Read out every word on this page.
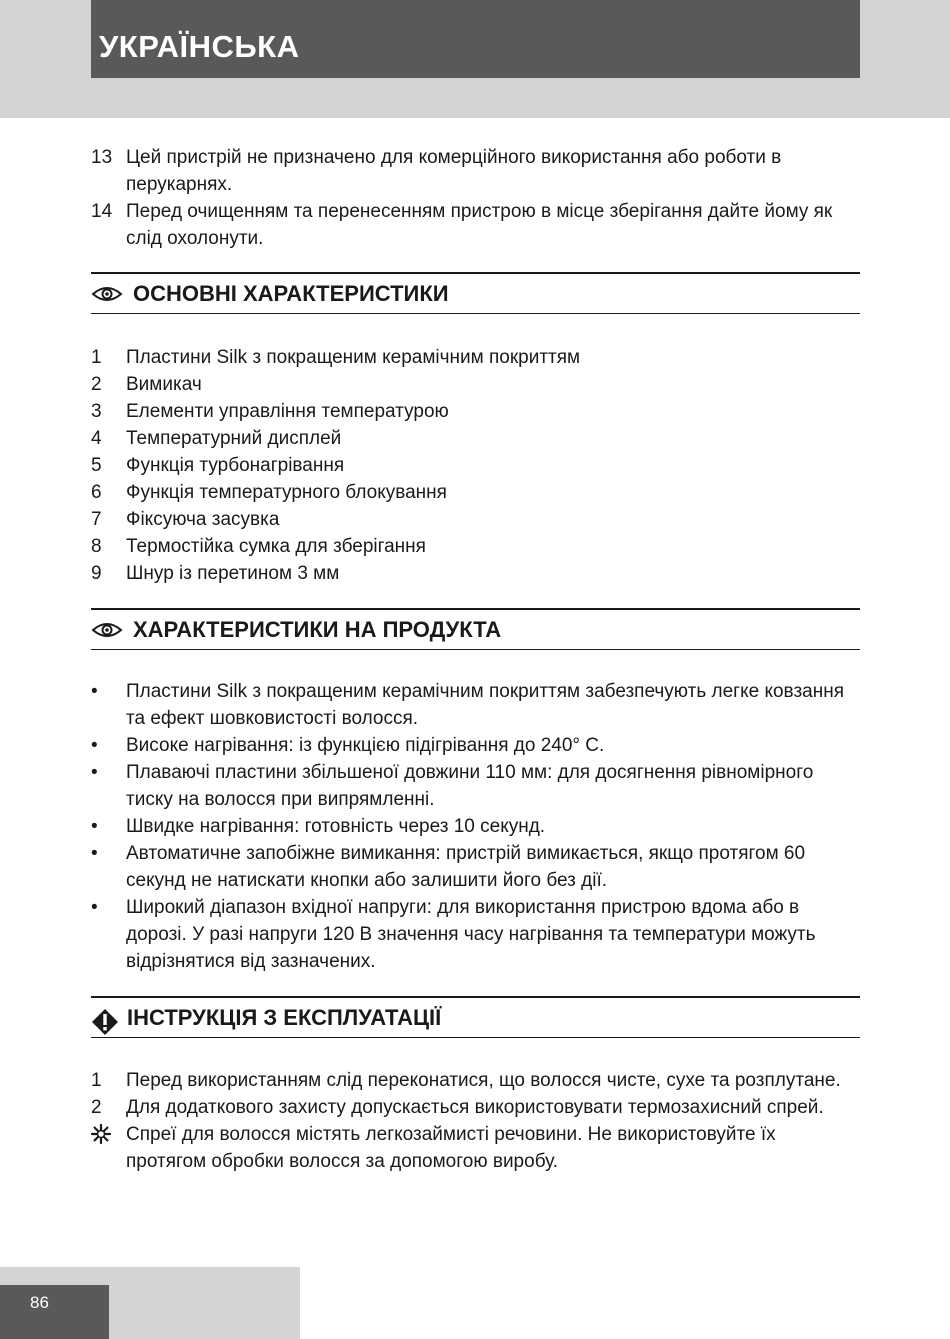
УКРАЇНСЬКА
13 Цей пристрій не призначено для комерційного використання або роботи в перукарнях.
14 Перед очищенням та перенесенням пристрою в місце зберігання дайте йому як слід охолонути.
ОСНОВНІ ХАРАКТЕРИСТИКИ
1 Пластини Silk з покращеним керамічним покриттям
2 Вимикач
3 Елементи управління температурою
4 Температурний дисплей
5 Функція турбонагрівання
6 Функція температурного блокування
7 Фіксуюча засувка
8 Термостійка сумка для зберігання
9 Шнур із перетином 3 мм
ХАРАКТЕРИСТИКИ НА ПРОДУКТА
• Пластини Silk з покращеним керамічним покриттям забезпечують легке ковзання та ефект шовковистості волосся.
• Високе нагрівання: із функцією підігрівання до 240° C.
• Плаваючі пластини збільшеної довжини 110 мм: для досягнення рівномірного тиску на волосся при випрямленні.
• Швидке нагрівання: готовність через 10 секунд.
• Автоматичне запобіжне вимикання: пристрій вимикається, якщо протягом 60 секунд не натискати кнопки або залишити його без дії.
• Широкий діапазон вхідної напруги: для використання пристрою вдома або в дорозі. У разі напруги 120 В значення часу нагрівання та температури можуть відрізнятися від зазначених.
ІНСТРУКЦІЯ З ЕКСПЛУАТАЦІЇ
1 Перед використанням слід переконатися, що волосся чисте, сухе та розплутане.
2 Для додаткового захисту допускається використовувати термозахисний спрей.
Спреї для волосся містять легкозаймисті речовини. Не використовуйте їх протягом обробки волосся за допомогою виробу.
86
